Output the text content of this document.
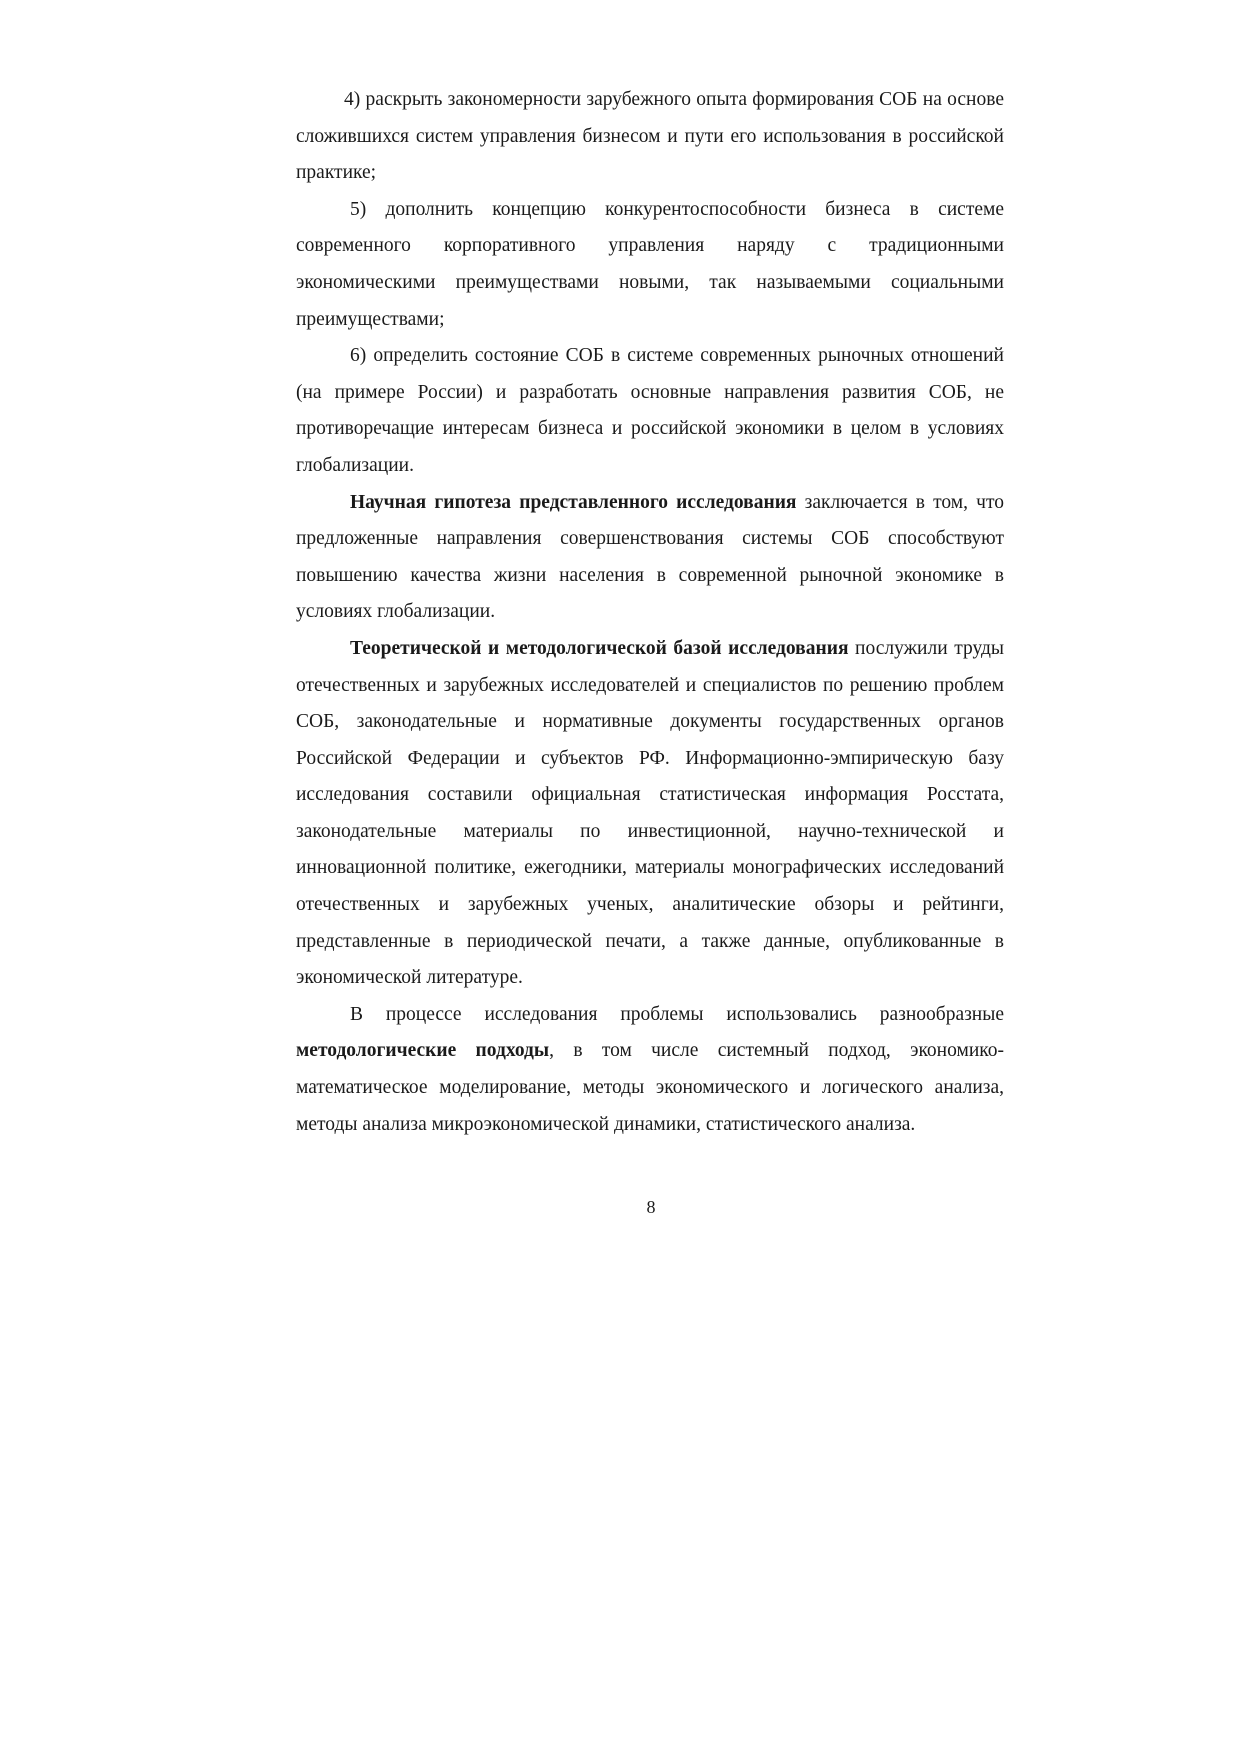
4) раскрыть закономерности зарубежного опыта формирования СОБ на основе сложившихся систем управления бизнесом и пути его использования в российской практике;

5) дополнить концепцию конкурентоспособности бизнеса в системе современного корпоративного управления наряду с традиционными экономическими преимуществами новыми, так называемыми социальными преимуществами;

6) определить состояние СОБ в системе современных рыночных отношений (на примере России) и разработать основные направления развития СОБ, не противоречащие интересам бизнеса и российской экономики в целом в условиях глобализации.

Научная гипотеза представленного исследования заключается в том, что предложенные направления совершенствования системы СОБ способствуют повышению качества жизни населения в современной рыночной экономике в условиях глобализации.

Теоретической и методологической базой исследования послужили труды отечественных и зарубежных исследователей и специалистов по решению проблем СОБ, законодательные и нормативные документы государственных органов Российской Федерации и субъектов РФ. Информационно-эмпирическую базу исследования составили официальная статистическая информация Росстата, законодательные материалы по инвестиционной, научно-технической и инновационной политике, ежегодники, материалы монографических исследований отечественных и зарубежных ученых, аналитические обзоры и рейтинги, представленные в периодической печати, а также данные, опубликованные в экономической литературе.

В процессе исследования проблемы использовались разнообразные методологические подходы, в том числе системный подход, экономико-математическое моделирование, методы экономического и логического анализа, методы анализа микроэкономической динамики, статистического анализа.

8
